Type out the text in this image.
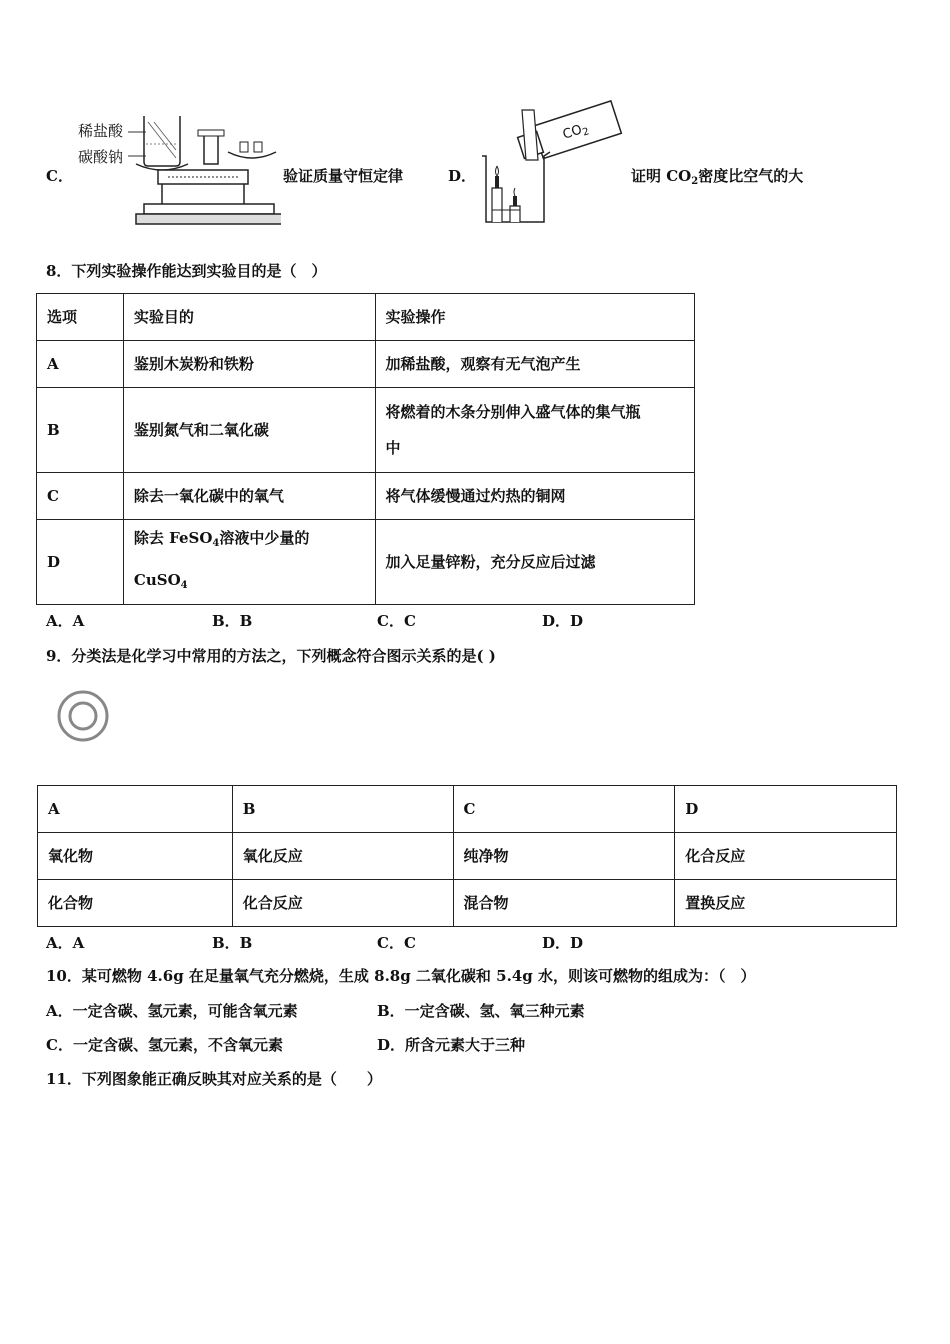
C．
稀盐酸
碳酸钠
验证质量守恒定律	D．
$CO_2$
证明 $CO_2$密度比空气的大
8．下列实验操作能达到实验目的是（　）
选项	实验目的	实验操作
A	鉴别木炭粉和铁粉	加稀盐酸，观察有无气泡产生
B	鉴别氮气和二氧化碳	将燃着的木条分别伸入盛气体的集气瓶
中
C	除去一氧化碳中的氧气	将气体缓慢通过灼热的铜网
D	除去 FeSO$_4$溶液中少量的
CuSO$_4$	加入足量锌粉，充分反应后过滤
A．A	B．B	C．C	D．D
9．分类法是化学习中常用的方法之，下列概念符合图示关系的是( )
A	B	C	D
氧化物	氧化反应	纯净物	化合反应
化合物	化合反应	混合物	置换反应
A．A	B．B	C．C	D．D
10．某可燃物 4.6g 在足量氧气充分燃烧，生成 8.8g 二氧化碳和 5.4g 水，则该可燃物的组成为：（　）
A．一定含碳、氢元素，可能含氧元素	B．一定含碳、氢、氧三种元素
C．一定含碳、氢元素，不含氧元素	D．所含元素大于三种
11．下列图象能正确反映其对应关系的是（　　）
